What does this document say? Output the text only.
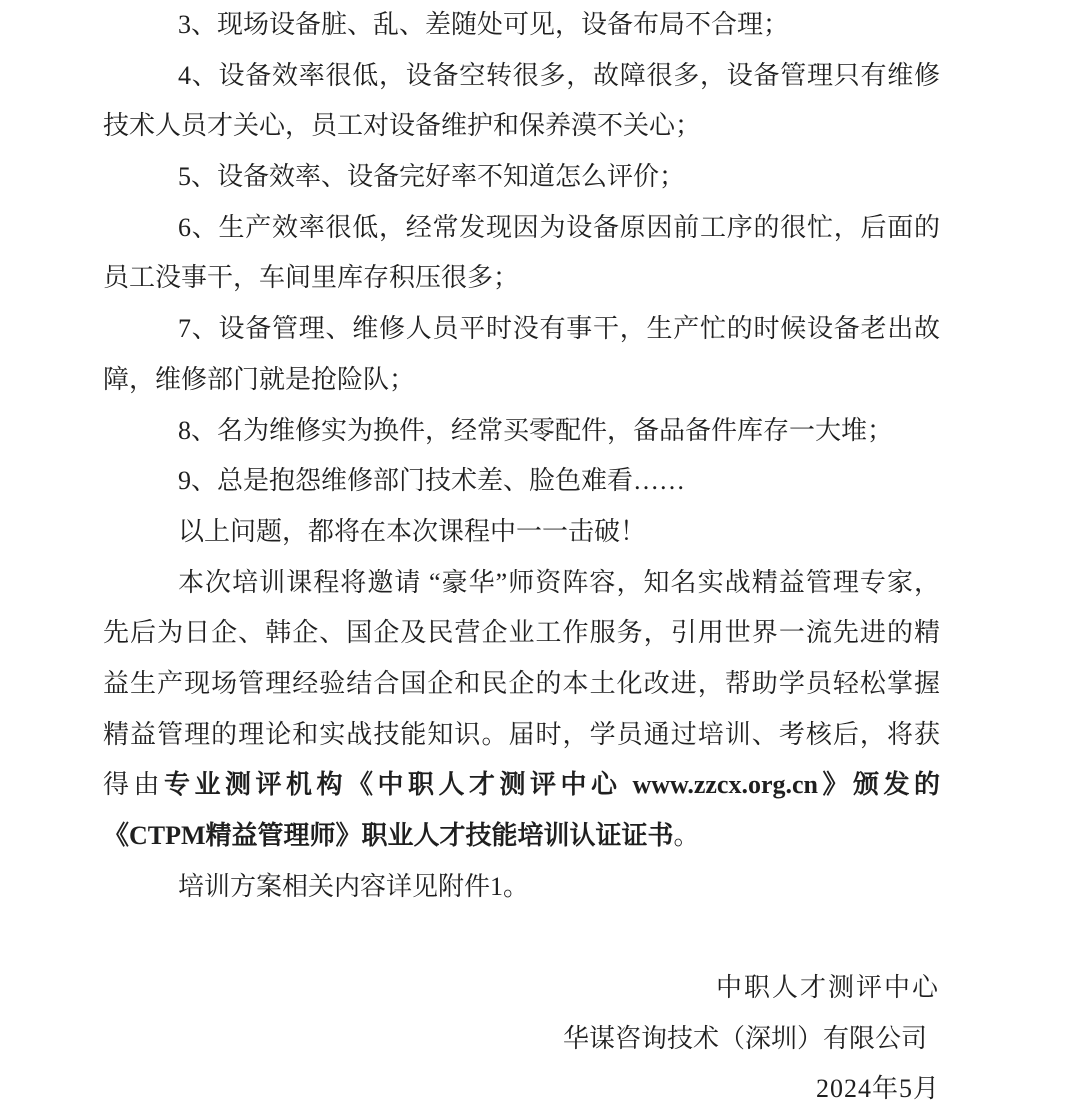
3、现场设备脏、乱、差随处可见，设备布局不合理；
4、设备效率很低，设备空转很多，故障很多，设备管理只有维修
技术人员才关心，员工对设备维护和保养漠不关心；
5、设备效率、设备完好率不知道怎么评价；
6、生产效率很低，经常发现因为设备原因前工序的很忙，后面的
员工没事干，车间里库存积压很多；
7、设备管理、维修人员平时没有事干，生产忙的时候设备老出故
障，维修部门就是抢险队；
8、名为维修实为换件，经常买零配件，备品备件库存一大堆；
9、总是抱怨维修部门技术差、脸色难看……
以上问题，都将在本次课程中一一击破！
本次培训课程将邀请 “豪华”师资阵容，知名实战精益管理专家，
先后为日企、韩企、国企及民营企业工作服务，引用世界一流先进的精
益生产现场管理经验结合国企和民企的本土化改进，帮助学员轻松掌握
精益管理的理论和实战技能知识。届时，学员通过培训、考核后，将获
得由专业测评机构《中职人才测评中心 www.zzcx.org.cn》颁发的
《CTPM精益管理师》职业人才技能培训认证证书。
培训方案相关内容详见附件1。
中职人才测评中心
华谋咨询技术（深圳）有限公司
2024年5月
